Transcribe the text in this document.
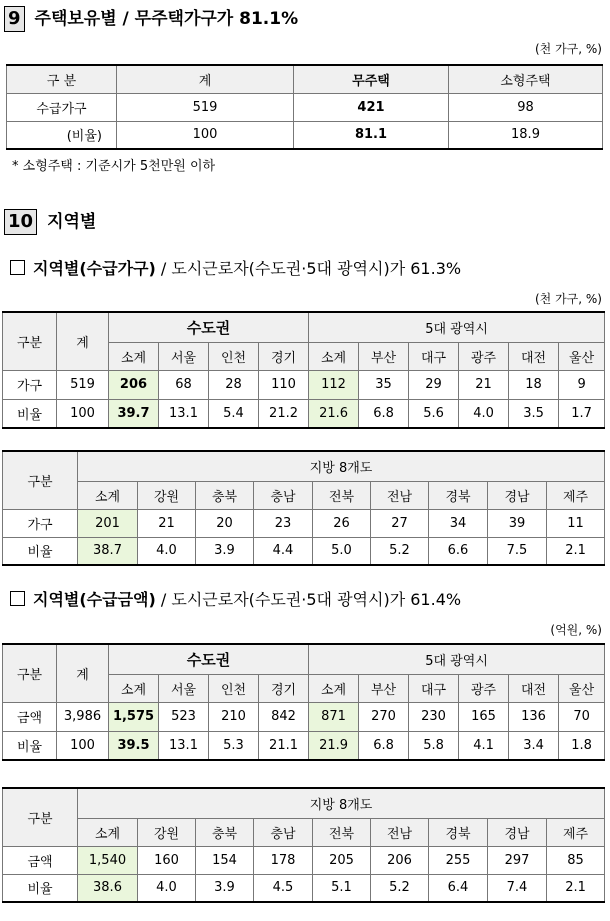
9 주택보유별 / 무주택가구가 81.1%
(천 가구, %)
구 분	계	무주택	소형주택
수급가구	519	421	98
(비율)	100	81.1	18.9
* 소형주택 : 기준시가 5천만원 이하
10 지역별
지역별(수급가구) / 도시근로자(수도권·5대 광역시)가 61.3%
(천 가구, %)
구분	계	수도권				5대 광역시					
		소계	서울	인천	경기	소계	부산	대구	광주	대전	울산
가구	519	206	68	28	110	112	35	29	21	18	9
비율	100	39.7	13.1	5.4	21.2	21.6	6.8	5.6	4.0	3.5	1.7
구분	지방 8개도								
	소계	강원	충북	충남	전북	전남	경북	경남	제주
가구	201	21	20	23	26	27	34	39	11
비율	38.7	4.0	3.9	4.4	5.0	5.2	6.6	7.5	2.1
지역별(수급금액) / 도시근로자(수도권·5대 광역시)가 61.4%
(억원, %)
구분	계	수도권				5대 광역시					
		소계	서울	인천	경기	소계	부산	대구	광주	대전	울산
금액	3,986	1,575	523	210	842	871	270	230	165	136	70
비율	100	39.5	13.1	5.3	21.1	21.9	6.8	5.8	4.1	3.4	1.8
구분	지방 8개도								
	소계	강원	충북	충남	전북	전남	경북	경남	제주
금액	1,540	160	154	178	205	206	255	297	85
비율	38.6	4.0	3.9	4.5	5.1	5.2	6.4	7.4	2.1
